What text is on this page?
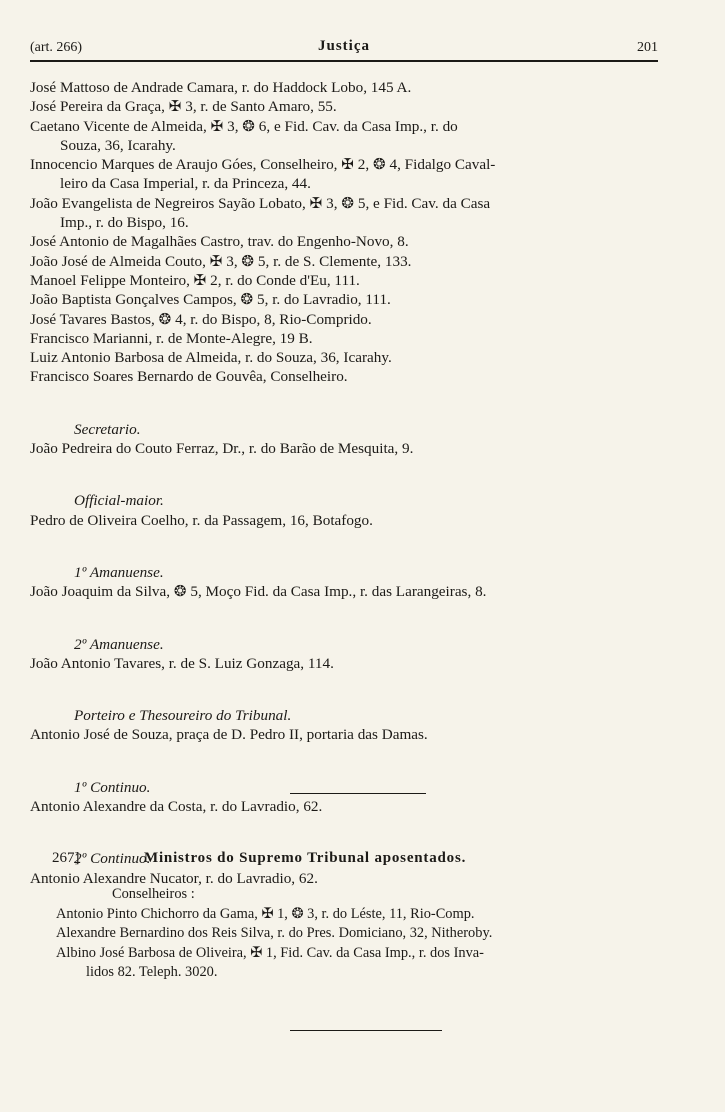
(art. 266)	Justiça	201
José Mattoso de Andrade Camara, r. do Haddock Lobo, 145 A.
José Pereira da Graça, ✠ 3, r. de Santo Amaro, 55.
Caetano Vicente de Almeida, ✠ 3, ❂ 6, e Fid. Cav. da Casa Imp., r. do
Souza, 36, Icarahy.
Innocencio Marques de Araujo Góes, Conselheiro, ✠ 2, ❂ 4, Fidalgo Caval-
leiro da Casa Imperial, r. da Princeza, 44.
João Evangelista de Negreiros Sayão Lobato, ✠ 3, ❂ 5, e Fid. Cav. da Casa
Imp., r. do Bispo, 16.
José Antonio de Magalhães Castro, trav. do Engenho-Novo, 8.
João José de Almeida Couto, ✠ 3, ❂ 5, r. de S. Clemente, 133.
Manoel Felippe Monteiro, ✠ 2, r. do Conde d'Eu, 111.
João Baptista Gonçalves Campos, ❂ 5, r. do Lavradio, 111.
José Tavares Bastos, ❂ 4, r. do Bispo, 8, Rio-Comprido.
Francisco Marianni, r. de Monte-Alegre, 19 B.
Luiz Antonio Barbosa de Almeida, r. do Souza, 36, Icarahy.
Francisco Soares Bernardo de Gouvêa, Conselheiro.
Secretario.
João Pedreira do Couto Ferraz, Dr., r. do Barão de Mesquita, 9.
Official-maior.
Pedro de Oliveira Coelho, r. da Passagem, 16, Botafogo.
1º Amanuense.
João Joaquim da Silva, ❂ 5, Moço Fid. da Casa Imp., r. das Larangeiras, 8.
2º Amanuense.
João Antonio Tavares, r. de S. Luiz Gonzaga, 114.
Porteiro e Thesoureiro do Tribunal.
Antonio José de Souza, praça de D. Pedro II, portaria das Damas.
1º Continuo.
Antonio Alexandre da Costa, r. do Lavradio, 62.
2º Continuo.
Antonio Alexandre Nucator, r. do Lavradio, 62.
267]	Ministros do Supremo Tribunal aposentados.
Conselheiros :
Antonio Pinto Chichorro da Gama, ✠ 1, ❂ 3, r. do Léste, 11, Rio-Comp.
Alexandre Bernardino dos Reis Silva, r. do Pres. Domiciano, 32, Nitheroby.
Albino José Barbosa de Oliveira, ✠ 1, Fid. Cav. da Casa Imp., r. dos Inva-
lidos 82. Teleph. 3020.
